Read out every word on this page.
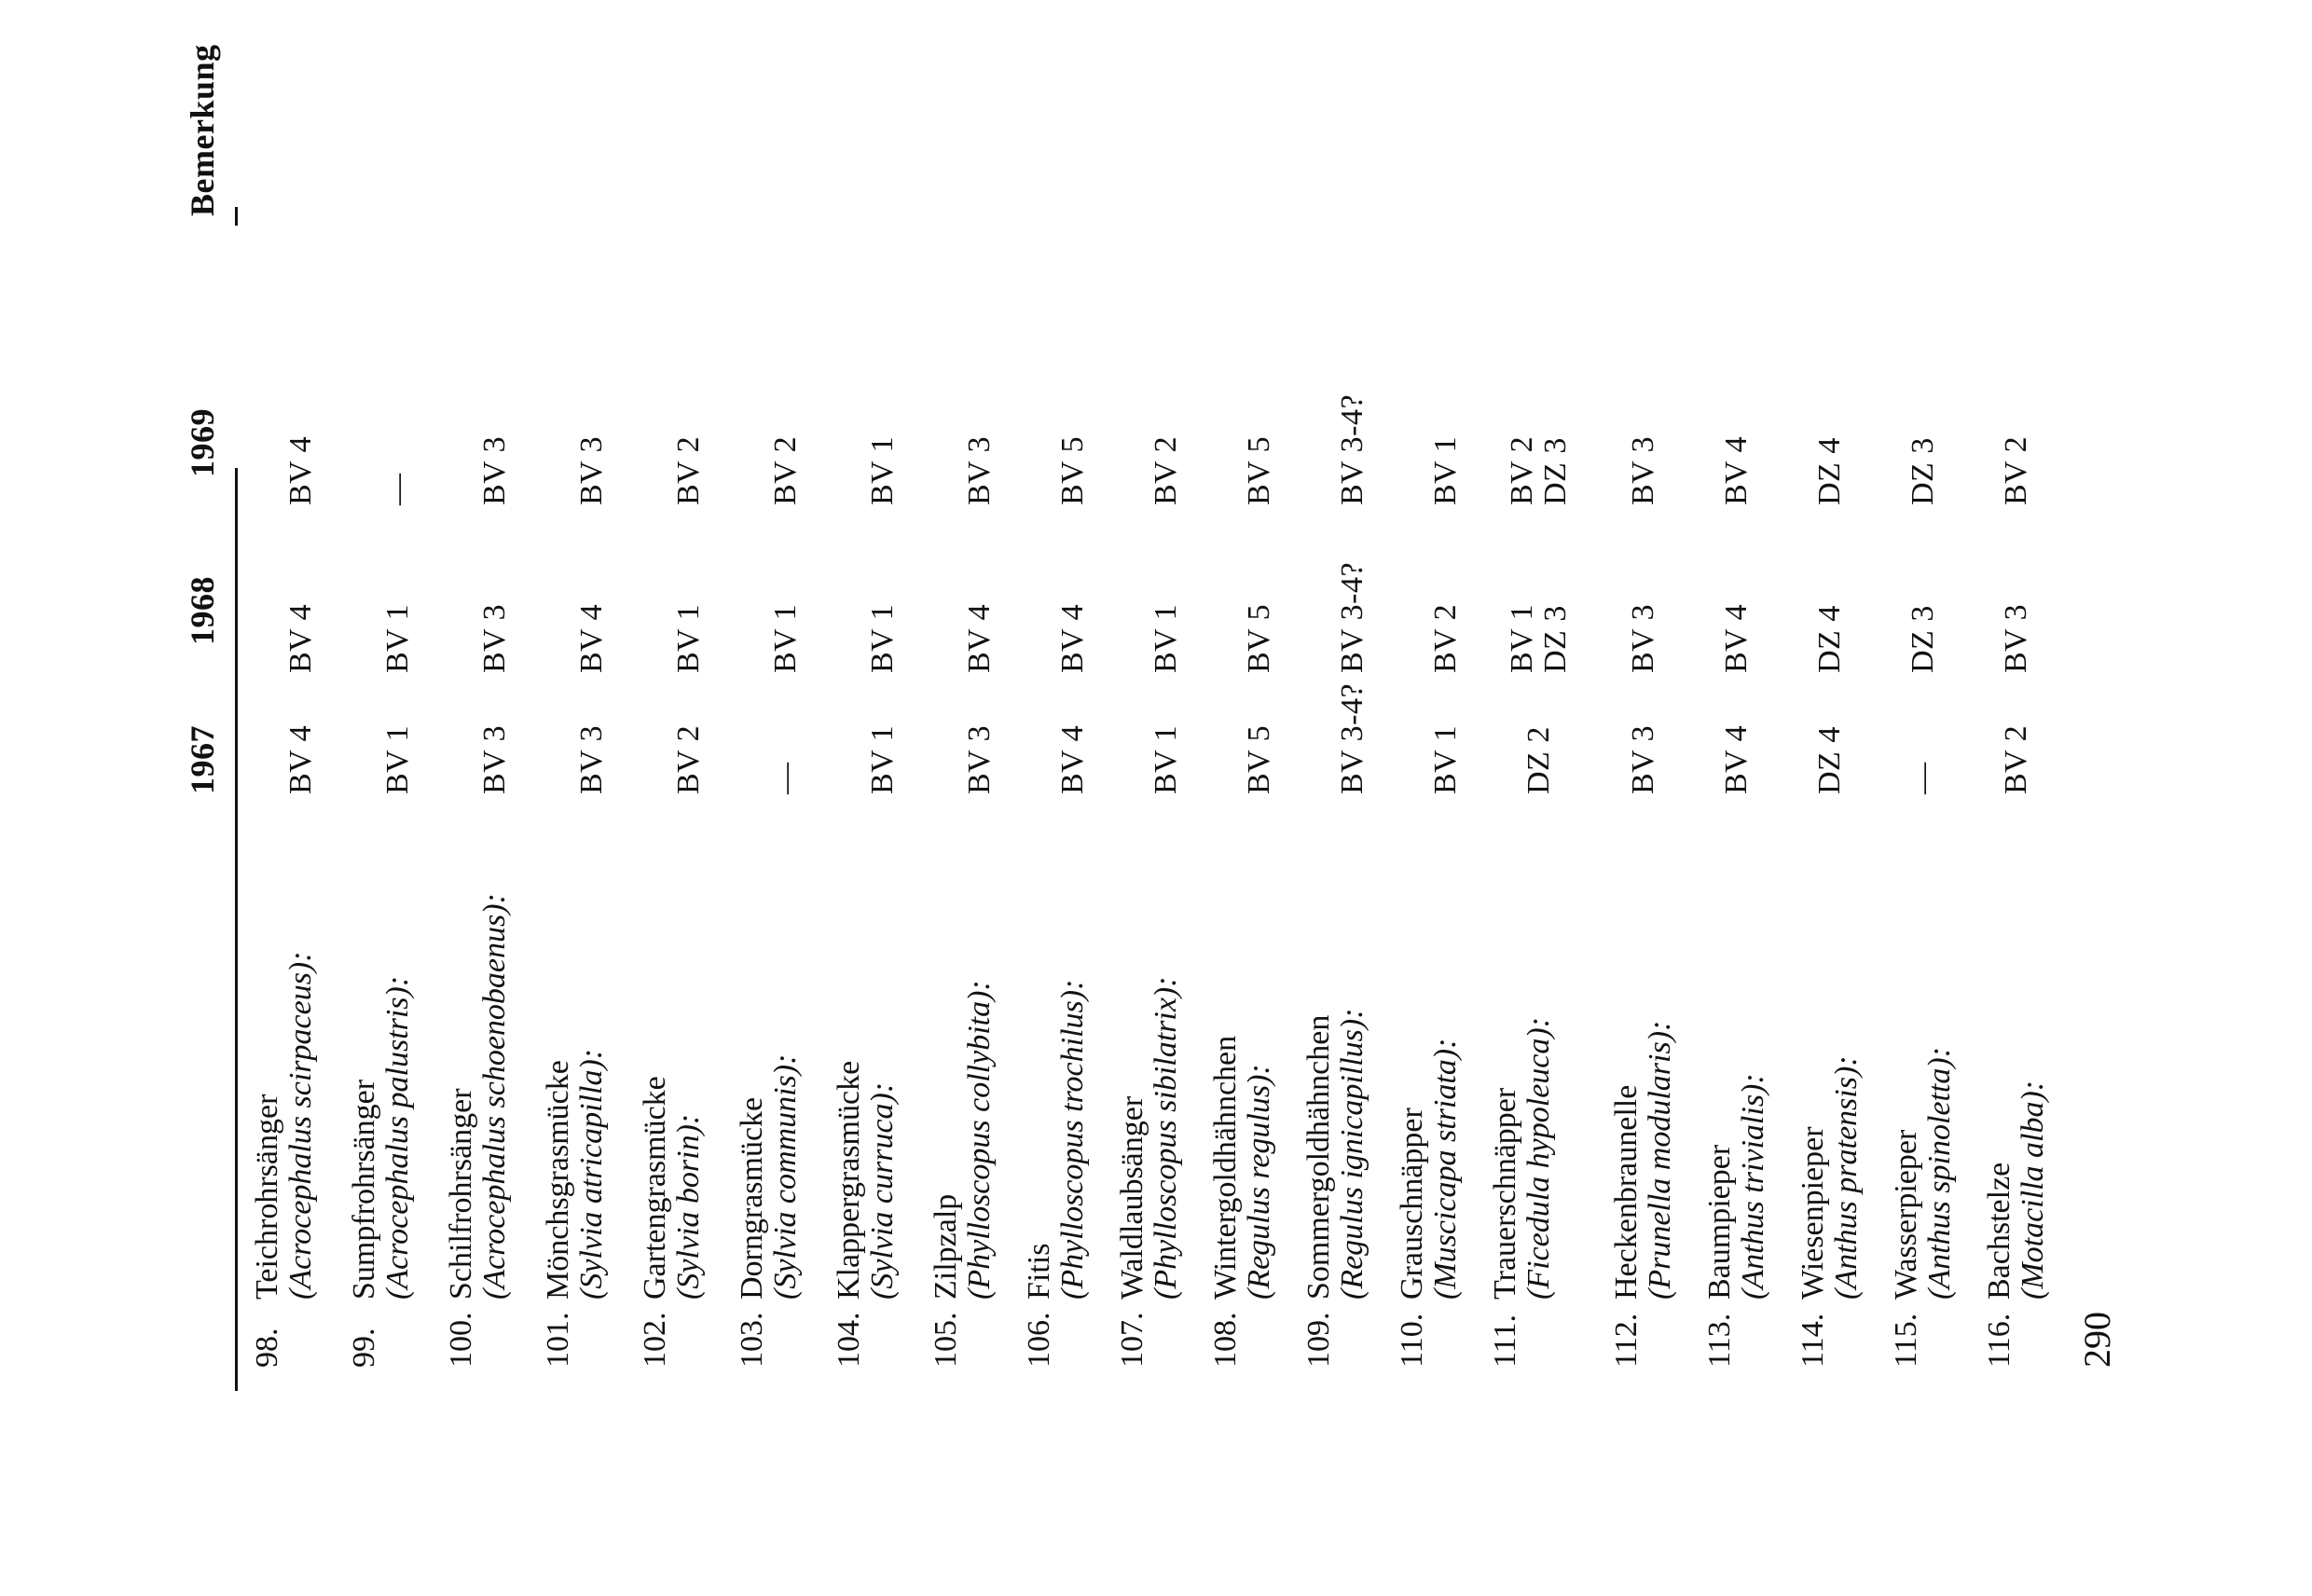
1967
1968
1969
Bemerkung
98.
Teichrohrsänger (Acrocephalus scirpaceus):
BV 4
BV 4
BV 4
99.
Sumpfrohrsänger (Acrocephalus palustris):
BV 1
BV 1
—
100.
Schilfrohrsänger (Acrocephalus schoenobaenus):
BV 3
BV 3
BV 3
101.
Mönchsgrasmücke (Sylvia atricapilla):
BV 3
BV 4
BV 3
102.
Gartengrasmücke (Sylvia borin):
BV 2
BV 1
BV 2
103.
Dorngrasmücke (Sylvia communis):
—
BV 1
BV 2
104.
Klappergrasmücke (Sylvia curruca):
BV 1
BV 1
BV 1
105.
Zilpzalp (Phylloscopus collybita):
BV 3
BV 4
BV 3
106.
Fitis (Phylloscopus trochilus):
BV 4
BV 4
BV 5
107.
Waldlaubsänger (Phylloscopus sibilatrix):
BV 1
BV 1
BV 2
108.
Wintergoldhähnchen (Regulus regulus):
BV 5
BV 5
BV 5
109.
Sommergoldhähnchen (Regulus ignicapillus):
BV 3-4?
BV 3-4?
BV 3-4?
110.
Grauschnäpper (Muscicapa striata):
BV 1
BV 2
BV 1
111.
Trauerschnäpper (Ficedula hypoleuca):
DZ 2
BV 1 DZ 3
BV 2 DZ 3
112.
Heckenbraunelle (Prunella modularis):
BV 3
BV 3
BV 3
113.
Baumpieper (Anthus trivialis):
BV 4
BV 4
BV 4
114.
Wiesenpieper (Anthus pratensis):
DZ 4
DZ 4
DZ 4
115.
Wasserpieper (Anthus spinoletta):
—
DZ 3
DZ 3
116.
Bachstelze (Motacilla alba):
BV 2
BV 3
BV 2
290
